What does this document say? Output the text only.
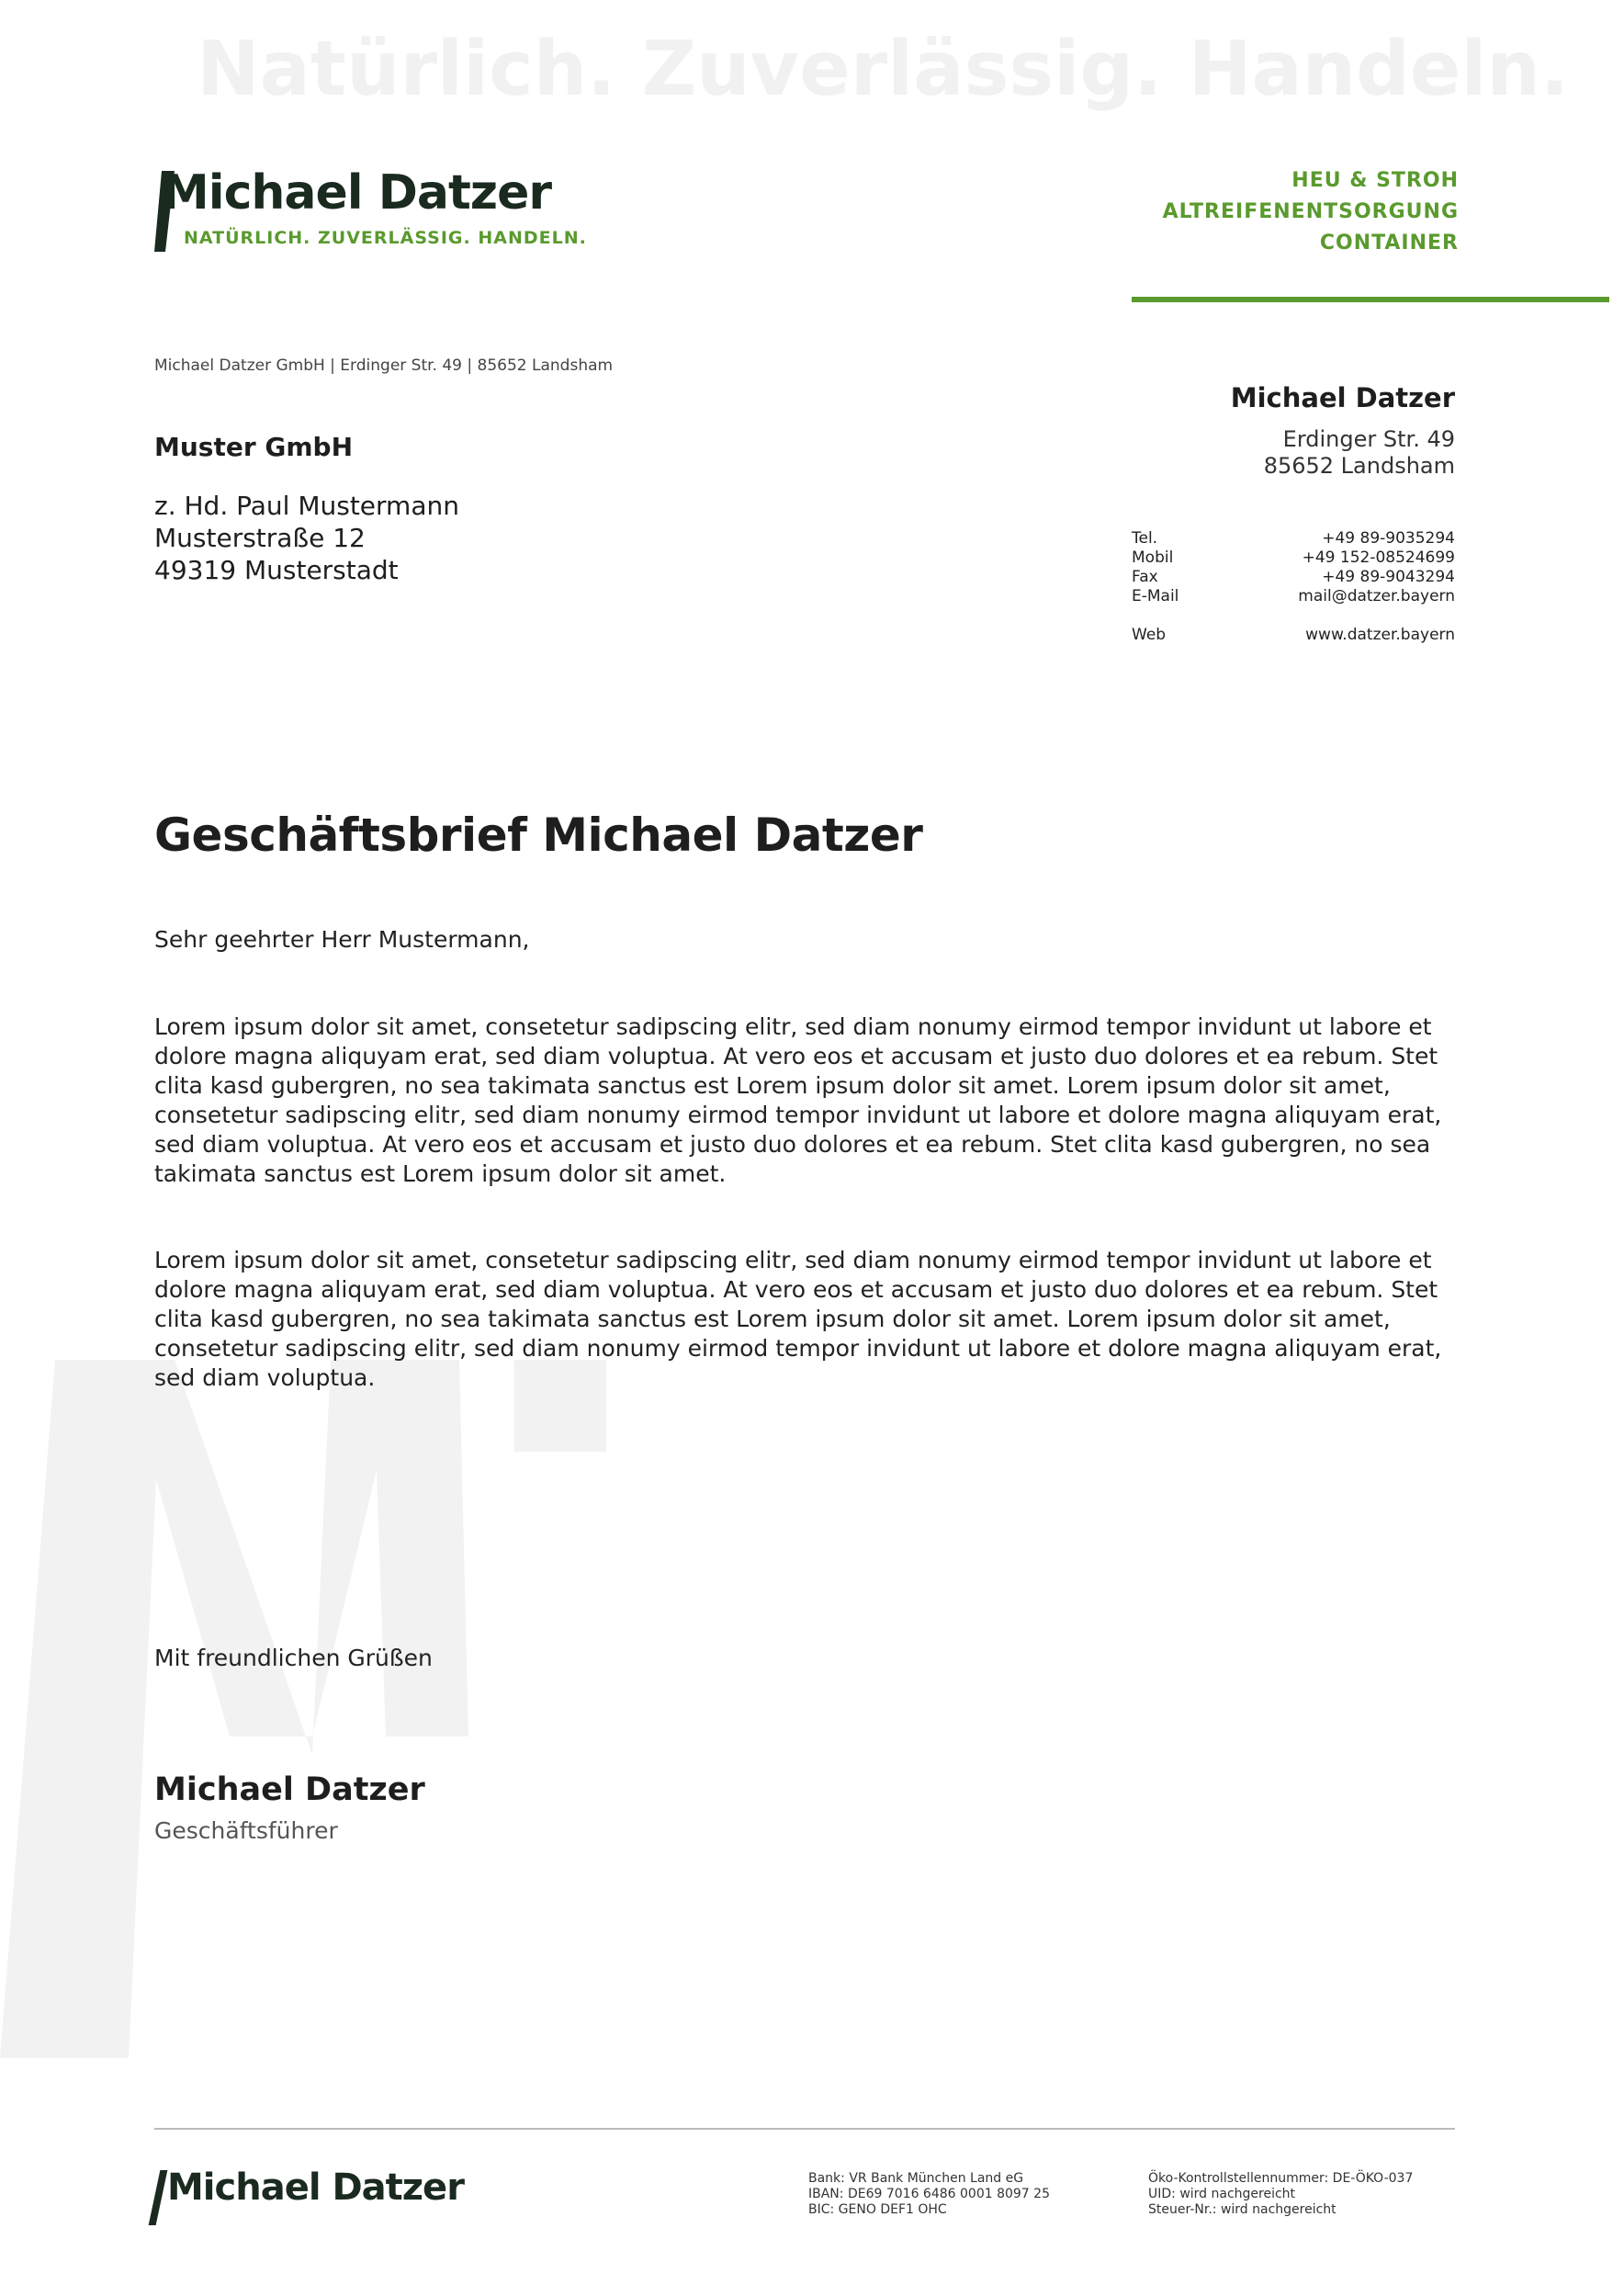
Natürlich. Zuverlässig. Handeln.
Michael Datzer
NATÜRLICH. ZUVERLÄSSIG. HANDELN.
HEU & STROH
ALTREIFENENTSORGUNG
CONTAINER
Michael Datzer GmbH | Erdinger Str. 49 | 85652 Landsham
Muster GmbH
z. Hd. Paul Mustermann
Musterstraße 12
49319 Musterstadt
Michael Datzer
Erdinger Str. 49
85652 Landsham
Tel.	+49 89-9035294
Mobil	+49 152-08524699
Fax	+49 89-9043294
E-Mail	mail@datzer.bayern
Web	www.datzer.bayern
Geschäftsbrief Michael Datzer
Sehr geehrter Herr Mustermann,
Lorem ipsum dolor sit amet, consetetur sadipscing elitr, sed diam nonumy eirmod tempor invidunt ut labore et dolore magna aliquyam erat, sed diam voluptua. At vero eos et accusam et justo duo dolores et ea rebum. Stet clita kasd gubergren, no sea takimata sanctus est Lorem ipsum dolor sit amet. Lorem ipsum dolor sit amet, consetetur sadipscing elitr, sed diam nonumy eirmod tempor invidunt ut labore et dolore magna aliquyam erat, sed diam voluptua. At vero eos et accusam et justo duo dolores et ea rebum. Stet clita kasd gubergren, no sea takimata sanctus est Lorem ipsum dolor sit amet.
Lorem ipsum dolor sit amet, consetetur sadipscing elitr, sed diam nonumy eirmod tempor invidunt ut labore et dolore magna aliquyam erat, sed diam voluptua. At vero eos et accusam et justo duo dolores et ea rebum. Stet clita kasd gubergren, no sea takimata sanctus est Lorem ipsum dolor sit amet. Lorem ipsum dolor sit amet, consetetur sadipscing elitr, sed diam nonumy eirmod tempor invidunt ut labore et dolore magna aliquyam erat, sed diam voluptua.
Mit freundlichen Grüßen
Michael Datzer
Geschäftsführer
Michael Datzer	Bank: VR Bank München Land eG
IBAN: DE69 7016 6486 0001 8097 25
BIC: GENO DEF1 OHC
Öko-Kontrollstellennummer: DE-ÖKO-037
UID: wird nachgereicht
Steuer-Nr.: wird nachgereicht
